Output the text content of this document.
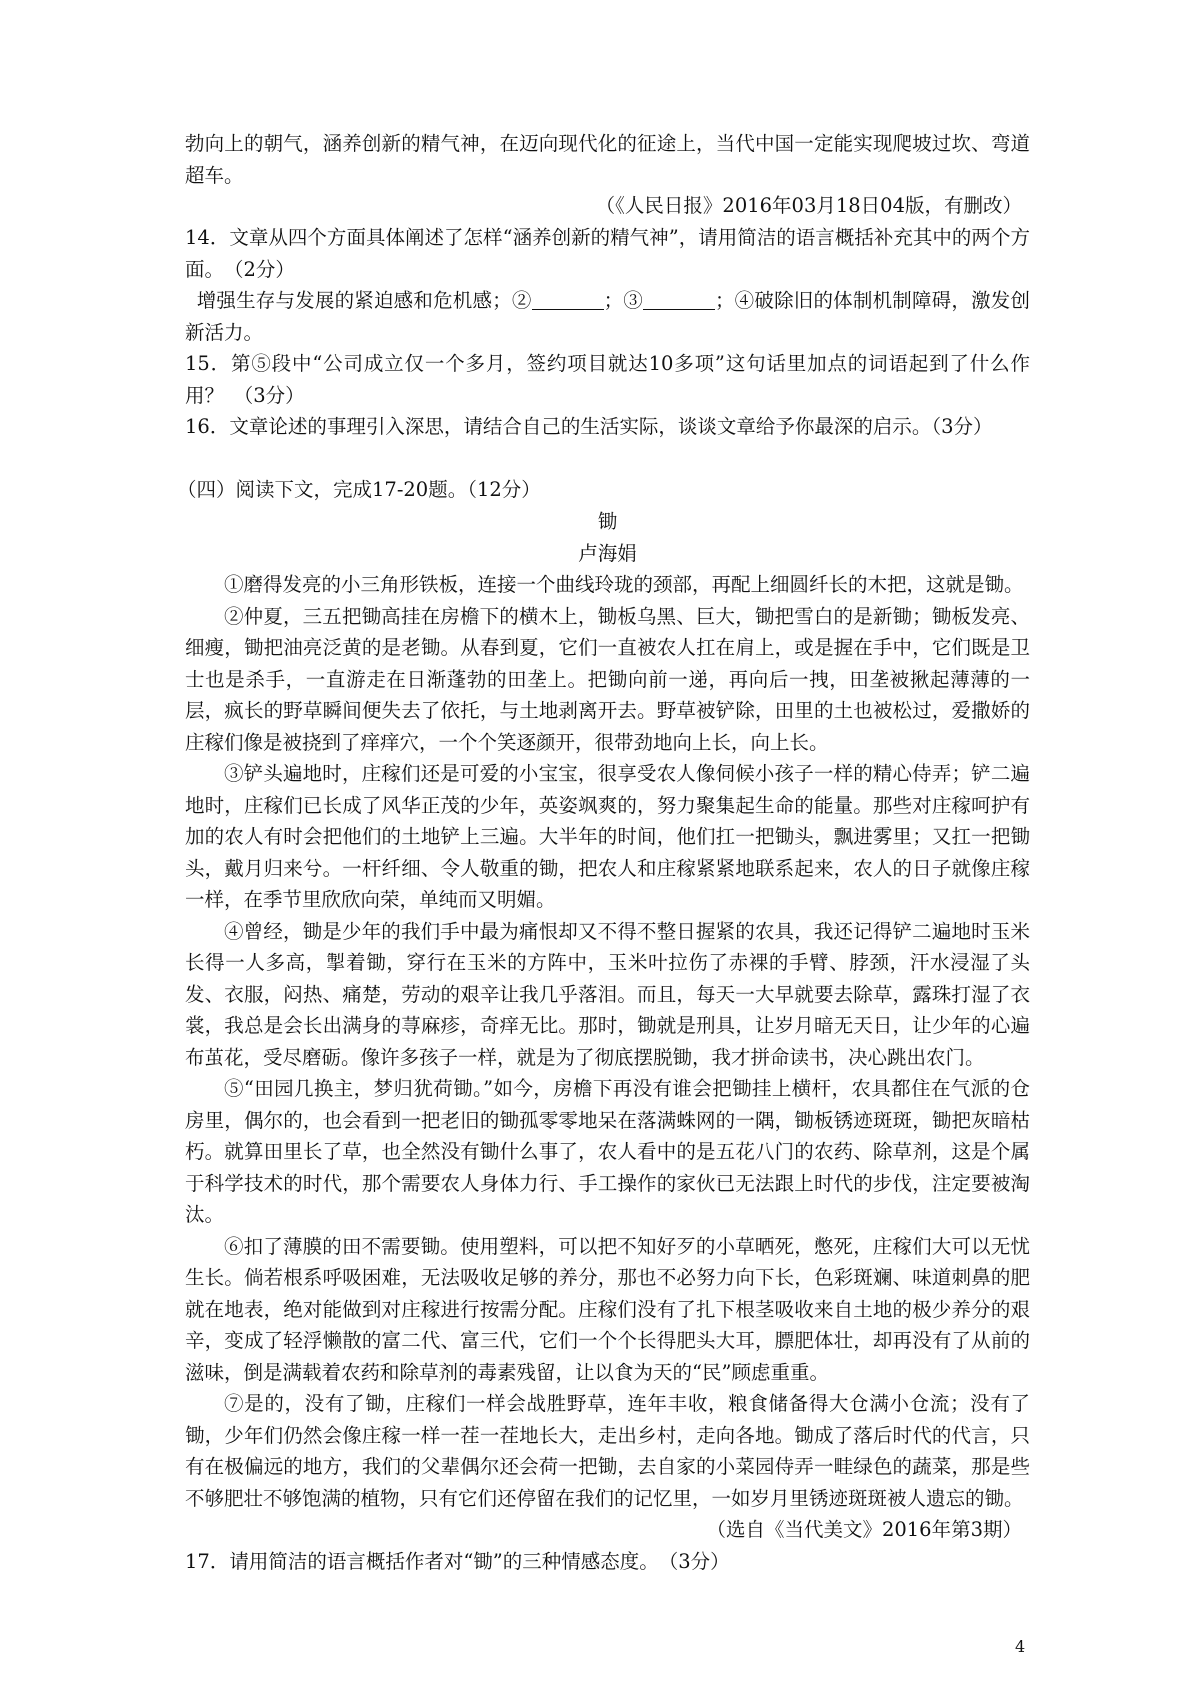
勃向上的朝气，涵养创新的精气神，在迈向现代化的征途上，当代中国一定能实现爬坡过坎、弯道超车。

（《人民日报》2016年03月18日04版，有删改）

14．文章从四个方面具体阐述了怎样“涵养创新的精气神”，请用简洁的语言概括补充其中的两个方面。　（2分）

增强生存与发展的紧迫感和危机感；②	；③	；④破除旧的体制机制障碍，激发创新活力。

15．第⑤段中“公司成立仅一个多月，签约项目就达10多项”这句话里加点的词语起到了什么作用？　（3分）

16．文章论述的事理引入深思，请结合自己的生活实际，谈谈文章给予你最深的启示。（3分）

（四）阅读下文，完成17-20题。（12分）

锄

卢海娟

①磨得发亮的小三角形铁板，连接一个曲线玲珑的颈部，再配上细圆纤长的木把，这就是锄。

②仲夏，三五把锄高挂在房檐下的横木上，锄板乌黑、巨大，锄把雪白的是新锄；锄板发亮、细瘦，锄把油亮泛黄的是老锄。从春到夏，它们一直被农人扛在肩上，或是握在手中，它们既是卫士也是杀手，一直游走在日渐蓬勃的田垄上。把锄向前一递，再向后一拽，田垄被揪起薄薄的一层，疯长的野草瞬间便失去了依托，与土地剥离开去。野草被铲除，田里的土也被松过，爱撒娇的庄稼们像是被挠到了痒痒穴，一个个笑逐颜开，很带劲地向上长，向上长。

③铲头遍地时，庄稼们还是可爱的小宝宝，很享受农人像伺候小孩子一样的精心侍弄；铲二遍地时，庄稼们已长成了风华正茂的少年，英姿飒爽的，努力聚集起生命的能量。那些对庄稼呵护有加的农人有时会把他们的土地铲上三遍。大半年的时间，他们扛一把锄头，飘进雾里；又扛一把锄头，戴月归来兮。一杆纤细、令人敬重的锄，把农人和庄稼紧紧地联系起来，农人的日子就像庄稼一样，在季节里欣欣向荣，单纯而又明媚。

④曾经，锄是少年的我们手中最为痛恨却又不得不整日握紧的农具，我还记得铲二遍地时玉米长得一人多高，掣着锄，穿行在玉米的方阵中，玉米叶拉伤了赤裸的手臂、脖颈，汗水浸湿了头发、衣服，闷热、痛楚，劳动的艰辛让我几乎落泪。而且，每天一大早就要去除草，露珠打湿了衣裳，我总是会长出满身的荨麻疹，奇痒无比。那时，锄就是刑具，让岁月暗无天日，让少年的心遍布茧花，受尽磨砺。像许多孩子一样，就是为了彻底摆脱锄，我才拼命读书，决心跳出农门。

⑤“田园几换主，梦归犹荷锄。”如今，房檐下再没有谁会把锄挂上横杆，农具都住在气派的仓房里，偶尔的，也会看到一把老旧的锄孤零零地呆在落满蛛网的一隅，锄板锈迹斑斑，锄把灰暗枯朽。就算田里长了草，也全然没有锄什么事了，农人看中的是五花八门的农药、除草剂，这是个属于科学技术的时代，那个需要农人身体力行、手工操作的家伙已无法跟上时代的步伐，注定要被淘汰。

⑥扣了薄膜的田不需要锄。使用塑料，可以把不知好歹的小草晒死，憋死，庄稼们大可以无忧生长。倘若根系呼吸困难，无法吸收足够的养分，那也不必努力向下长，色彩斑斓、味道刺鼻的肥就在地表，绝对能做到对庄稼进行按需分配。庄稼们没有了扎下根茎吸收来自土地的极少养分的艰辛，变成了轻浮懒散的富二代、富三代，它们一个个长得肥头大耳，膘肥体壮，却再没有了从前的滋味，倒是满载着农药和除草剂的毒素残留，让以食为天的“民”顾虑重重。

⑦是的，没有了锄，庄稼们一样会战胜野草，连年丰收，粮食储备得大仓满小仓流；没有了锄，少年们仍然会像庄稼一样一茬一茬地长大，走出乡村，走向各地。锄成了落后时代的代言，只有在极偏远的地方，我们的父辈偶尔还会荷一把锄，去自家的小菜园侍弄一畦绿色的蔬菜，那是些不够肥壮不够饱满的植物，只有它们还停留在我们的记忆里，一如岁月里锈迹斑斑被人遗忘的锄。

（选自《当代美文》2016年第3期）

17．请用简洁的语言概括作者对“锄”的三种情感态度。　（3分）

4
